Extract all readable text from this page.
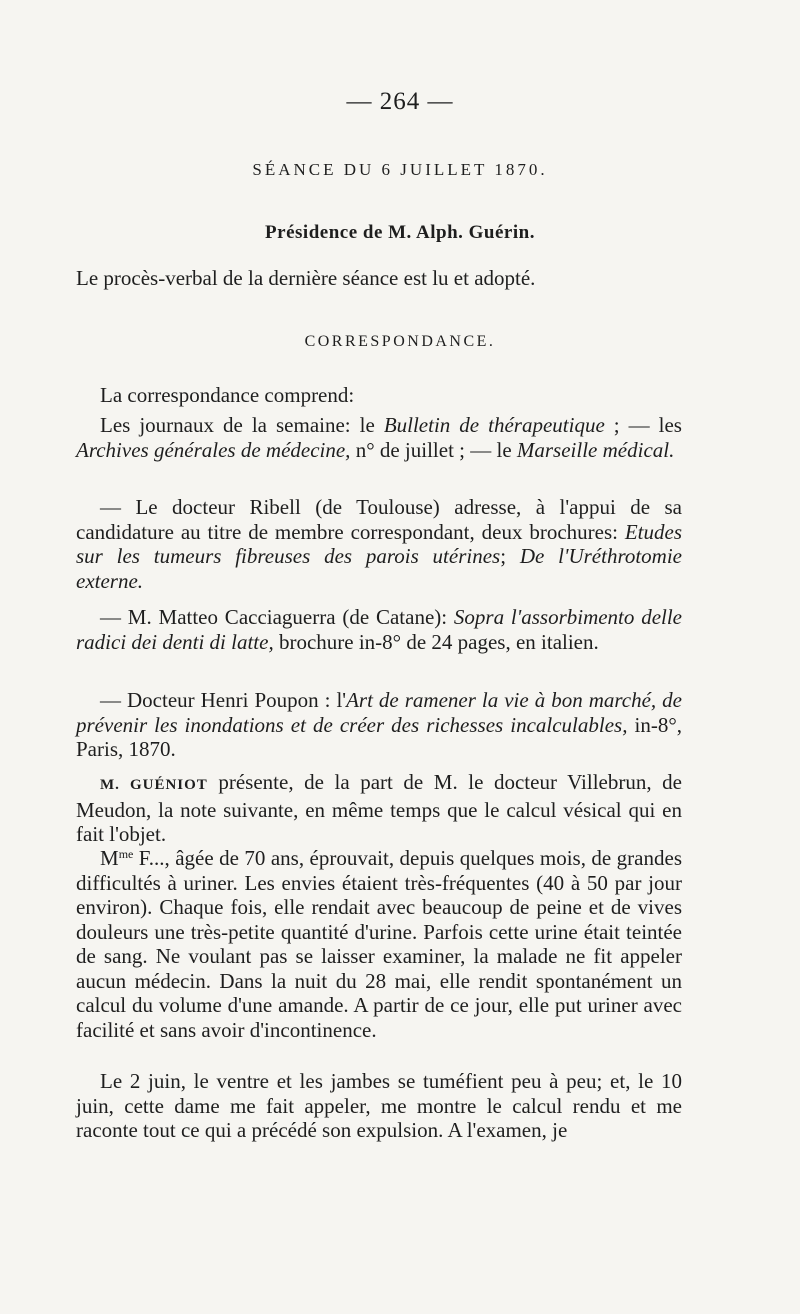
— 264 —
SÉANCE DU 6 JUILLET 1870.
Présidence de M. Alph. Guérin.
Le procès-verbal de la dernière séance est lu et adopté.
CORRESPONDANCE.
La correspondance comprend:
Les journaux de la semaine: le Bulletin de thérapeutique ; — les Archives générales de médecine, n° de juillet ; — le Marseille médical.
— Le docteur Ribell (de Toulouse) adresse, à l'appui de sa candidature au titre de membre correspondant, deux brochures: Etudes sur les tumeurs fibreuses des parois utérines; De l'Uréthrotomie externe.
— M. Matteo Cacciaguerra (de Catane): Sopra l'assorbimento delle radici dei denti di latte, brochure in-8° de 24 pages, en italien.
— Docteur Henri Poupon : l'Art de ramener la vie à bon marché, de prévenir les inondations et de créer des richesses incalculables, in-8°, Paris, 1870.
M. GUÉNIOT présente, de la part de M. le docteur Villebrun, de Meudon, la note suivante, en même temps que le calcul vésical qui en fait l'objet.
$M^{me}$ F..., âgée de 70 ans, éprouvait, depuis quelques mois, de grandes difficultés à uriner. Les envies étaient très-fréquentes (40 à 50 par jour environ). Chaque fois, elle rendait avec beaucoup de peine et de vives douleurs une très-petite quantité d'urine. Parfois cette urine était teintée de sang. Ne voulant pas se laisser examiner, la malade ne fit appeler aucun médecin. Dans la nuit du 28 mai, elle rendit spontanément un calcul du volume d'une amande. A partir de ce jour, elle put uriner avec facilité et sans avoir d'incontinence.
Le 2 juin, le ventre et les jambes se tuméfient peu à peu; et, le 10 juin, cette dame me fait appeler, me montre le calcul rendu et me raconte tout ce qui a précédé son expulsion. A l'examen, je
